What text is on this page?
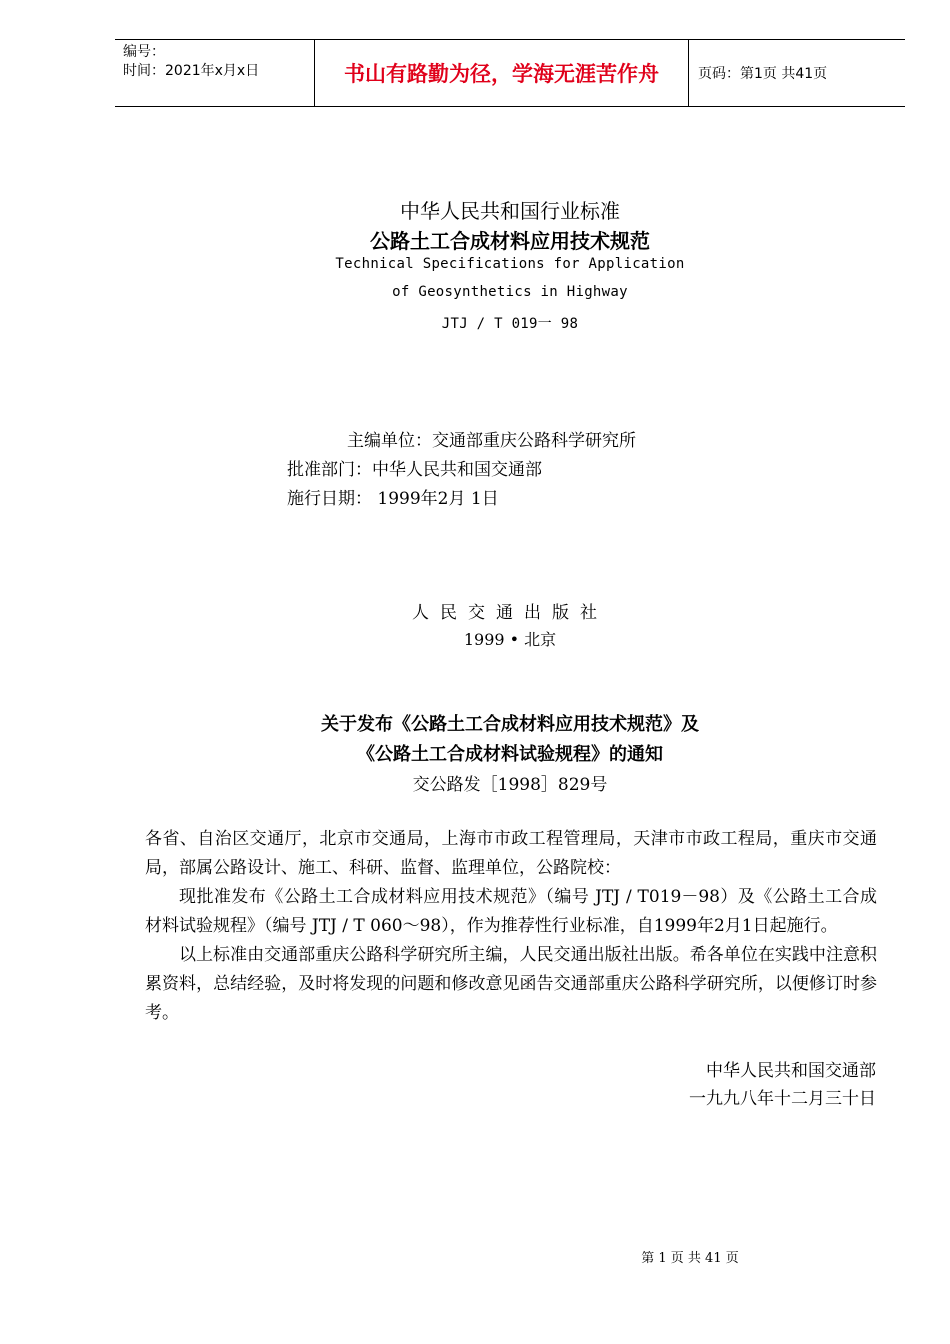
编号：
时间：2021年x月x日	书山有路勤为径，学海无涯苦作舟	页码：第1页 共41页
中华人民共和国行业标准
公路土工合成材料应用技术规范
Technical Specifications for Application
of Geosynthetics in Highway
JTJ / T 019一 98
主编单位：交通部重庆公路科学研究所
批准部门：中华人民共和国交通部
施行日期： 1999年2月 1日
人民交通出版社
1999 • 北京
关于发布《公路土工合成材料应用技术规范》及
《公路土工合成材料试验规程》的通知
交公路发［1998］829号

各省、自治区交通厅，北京市交通局，上海市市政工程管理局，天津市市政工程局，重庆市交通局，部属公路设计、施工、科研、监督、监理单位，公路院校：

现批准发布《公路土工合成材料应用技术规范》（编号 JTJ / T019－98）及《公路土工合成材料试验规程》（编号 JTJ / T 060～98），作为推荐性行业标准，自1999年2月1日起施行。

以上标准由交通部重庆公路科学研究所主编，人民交通出版社出版。希各单位在实践中注意积累资料，总结经验，及时将发现的问题和修改意见函告交通部重庆公路科学研究所，以便修订时参考。

中华人民共和国交通部
一九九八年十二月三十日
第 1 页 共 41 页
